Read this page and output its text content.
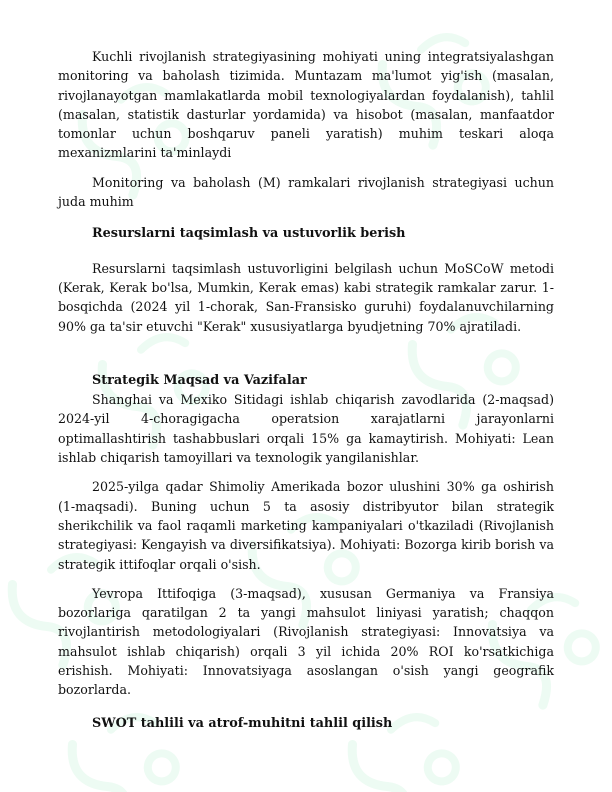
Kuchli rivojlanish strategiyasining mohiyati uning integratsiyalashgan monitoring va baholash tizimida. Muntazam ma'lumot yig'ish (masalan, rivojlanayotgan mamlakatlarda mobil texnologiyalardan foydalanish), tahlil (masalan, statistik dasturlar yordamida) va hisobot (masalan, manfaatdor tomonlar uchun boshqaruv paneli yaratish) muhim teskari aloqa mexanizmlarini ta'minlaydi

Monitoring va baholash (M) ramkalari rivojlanish strategiyasi uchun juda muhim

Resurslarni taqsimlash va ustuvorlik berish

Resurslarni taqsimlash ustuvorligini belgilash uchun MoSCoW metodi (Kerak, Kerak bo'lsa, Mumkin, Kerak emas) kabi strategik ramkalar zarur. 1-bosqichda (2024 yil 1-chorak, San-Fransisko guruhi) foydalanuvchilarning 90% ga ta'sir etuvchi "Kerak" xususiyatlarga byudjetning 70% ajratiladi.

Strategik Maqsad va Vazifalar

Shanghai va Mexiko Sitidagi ishlab chiqarish zavodlarida (2-maqsad) 2024-yil 4-choragigacha operatsion xarajatlarni jarayonlarni optimallashtirish tashabbuslari orqali 15% ga kamaytirish. Mohiyati: Lean ishlab chiqarish tamoyillari va texnologik yangilanishlar.

2025-yilga qadar Shimoliy Amerikada bozor ulushini 30% ga oshirish (1-maqsadi). Buning uchun 5 ta asosiy distribyutor bilan strategik sherikchilik va faol raqamli marketing kampaniyalari o'tkaziladi (Rivojlanish strategiyasi: Kengayish va diversifikatsiya). Mohiyati: Bozorga kirib borish va strategik ittifoqlar orqali o'sish.

Yevropa Ittifoqiga (3-maqsad), xususan Germaniya va Fransiya bozorlariga qaratilgan 2 ta yangi mahsulot liniyasi yaratish; chaqqon rivojlantirish metodologiyalari (Rivojlanish strategiyasi: Innovatsiya va mahsulot ishlab chiqarish) orqali 3 yil ichida 20% ROI ko'rsatkichiga erishish. Mohiyati: Innovatsiyaga asoslangan o'sish yangi geografik bozorlarda.

SWOT tahlili va atrof-muhitni tahlil qilish
